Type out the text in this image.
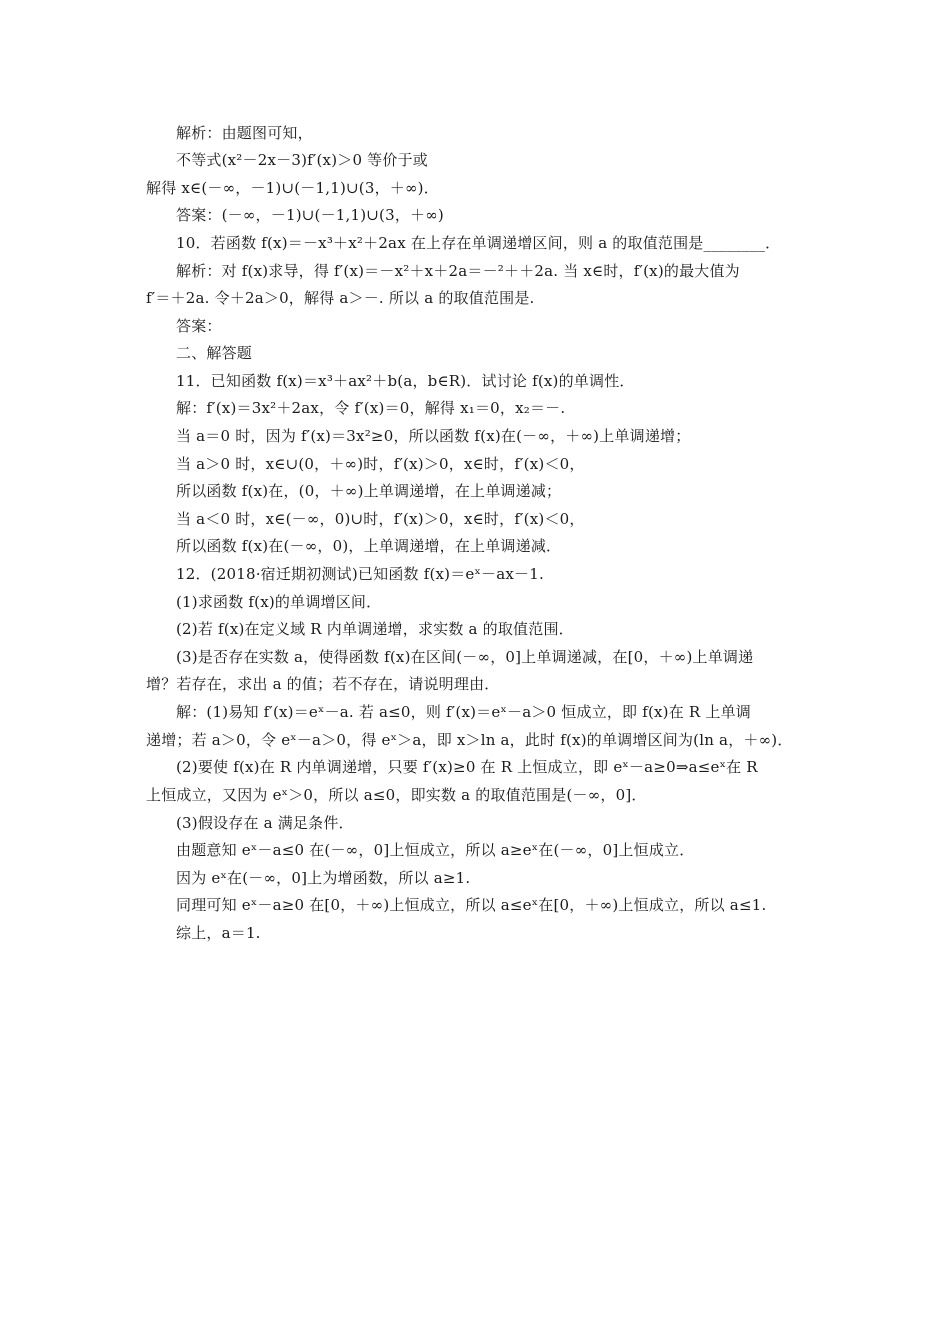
解析：由题图可知，
不等式(x²－2x－3)f′(x)＞0 等价于或
解得 x∈(－∞，－1)∪(－1,1)∪(3，＋∞)．
答案：(－∞，－1)∪(－1,1)∪(3，＋∞)
10．若函数 f(x)＝－x³＋x²＋2ax 在上存在单调递增区间，则 a 的取值范围是________．
解析：对 f(x)求导，得 f′(x)＝－x²＋x＋2a＝－²＋＋2a. 当 x∈时，f′(x)的最大值为
f′＝＋2a. 令＋2a＞0，解得 a＞－. 所以 a 的取值范围是.
答案：
二、解答题
11．已知函数 f(x)＝x³＋ax²＋b(a，b∈R)．试讨论 f(x)的单调性．
解：f′(x)＝3x²＋2ax，令 f′(x)＝0，解得 x₁＝0，x₂＝－.
当 a＝0 时，因为 f′(x)＝3x²≥0，所以函数 f(x)在(－∞，＋∞)上单调递增；
当 a＞0 时，x∈∪(0，＋∞)时，f′(x)＞0，x∈时，f′(x)＜0，
所以函数 f(x)在，(0，＋∞)上单调递增，在上单调递减；
当 a＜0 时，x∈(－∞，0)∪时，f′(x)＞0，x∈时，f′(x)＜0，
所以函数 f(x)在(－∞，0)，上单调递增，在上单调递减．
12．(2018·宿迁期初测试)已知函数 f(x)＝eˣ－ax－1.
(1)求函数 f(x)的单调增区间．
(2)若 f(x)在定义域 R 内单调递增，求实数 a 的取值范围．
(3)是否存在实数 a，使得函数 f(x)在区间(－∞，0]上单调递减，在[0，＋∞)上单调递
增？若存在，求出 a 的值；若不存在，请说明理由．
解：(1)易知 f′(x)＝eˣ－a. 若 a≤0，则 f′(x)＝eˣ－a＞0 恒成立，即 f(x)在 R 上单调
递增；若 a＞0，令 eˣ－a＞0，得 eˣ＞a，即 x＞ln a，此时 f(x)的单调增区间为(ln a，＋∞)．
(2)要使 f(x)在 R 内单调递增，只要 f′(x)≥0 在 R 上恒成立，即 eˣ－a≥0⇒a≤eˣ在 R
上恒成立，又因为 eˣ＞0，所以 a≤0，即实数 a 的取值范围是(－∞，0]．
(3)假设存在 a 满足条件．
由题意知 eˣ－a≤0 在(－∞，0]上恒成立，所以 a≥eˣ在(－∞，0]上恒成立．
因为 eˣ在(－∞，0]上为增函数，所以 a≥1.
同理可知 eˣ－a≥0 在[0，＋∞)上恒成立，所以 a≤eˣ在[0，＋∞)上恒成立，所以 a≤1.
综上，a＝1.
